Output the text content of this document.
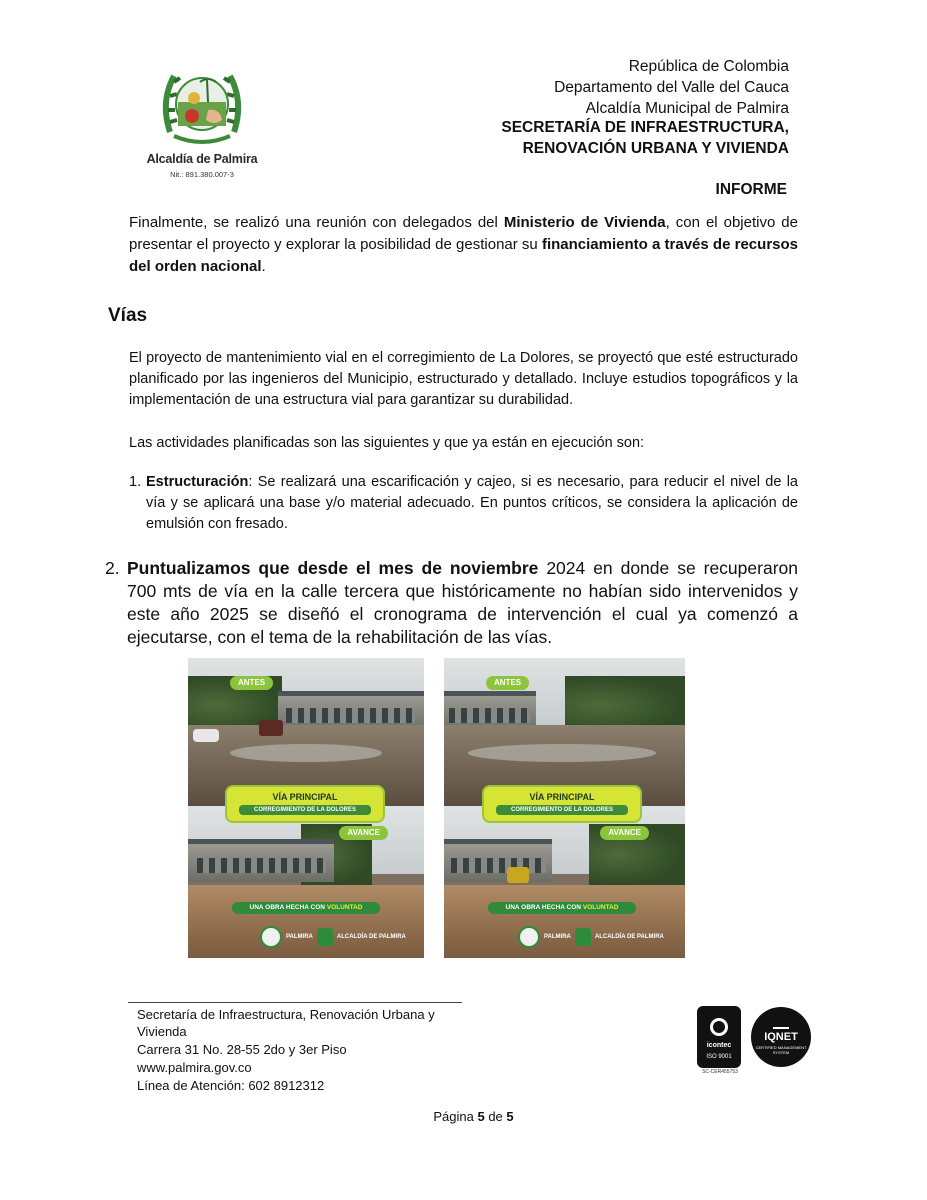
Alcaldía de Palmira
Nit.: 891.380.007-3
República de Colombia
Departamento del Valle del Cauca
Alcaldía Municipal de Palmira
SECRETARÍA DE INFRAESTRUCTURA,
RENOVACIÓN URBANA Y VIVIENDA
INFORME

Finalmente, se realizó una reunión con delegados del Ministerio de Vivienda, con el objetivo de presentar el proyecto y explorar la posibilidad de gestionar su financiamiento a través de recursos del orden nacional.

Vías

El proyecto de mantenimiento vial en el corregimiento de La Dolores, se proyectó que esté estructurado planificado por las ingenieros del Municipio, estructurado y detallado. Incluye estudios topográficos y la implementación de una estructura vial para garantizar su durabilidad.

Las actividades planificadas son las siguientes y que ya están en ejecución son:

1. Estructuración: Se realizará una escarificación y cajeo, si es necesario, para reducir el nivel de la vía y se aplicará una base y/o material adecuado. En puntos críticos, se considera la aplicación de emulsión con fresado.

2. Puntualizamos que desde el mes de noviembre 2024 en donde se recuperaron 700 mts de vía en la calle tercera que históricamente no habían sido intervenidos y este año 2025 se diseñó el cronograma de intervención el cual ya comenzó a ejecutarse, con el tema de la rehabilitación de las vías.

ANTES
VÍA PRINCIPAL
CORREGIMIENTO DE LA DOLORES
AVANCE
UNA OBRA HECHA CON VOLUNTAD
PALMIRA	ALCALDÍA DE PALMIRA
ANTES
VÍA PRINCIPAL
CORREGIMIENTO DE LA DOLORES
AVANCE
UNA OBRA HECHA CON VOLUNTAD
PALMIRA	ALCALDÍA DE PALMIRA
Secretaría de Infraestructura, Renovación Urbana y
Vivienda
Carrera 31 No. 28-55 2do y 3er Piso
www.palmira.gov.co
Línea de Atención: 602 8912312
icontec
ISO 9001
SC-CER455753
IQNET
CERTIFIED MANAGEMENT SYSTEM
Página 5 de 5
